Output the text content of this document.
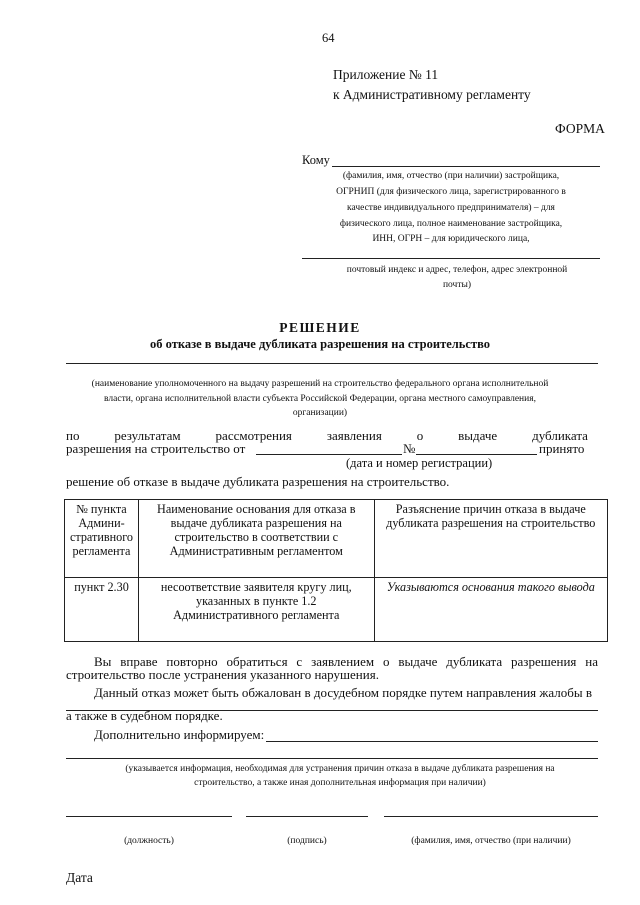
64
Приложение № 11
к Административному регламенту
ФОРМА
Кому
(фамилия, имя, отчество (при наличии) застройщика,
ОГРНИП (для физического лица, зарегистрированного в
качестве индивидуального предпринимателя) – для
физического лица, полное наименование застройщика,
ИНН, ОГРН – для юридического лица,
почтовый индекс и адрес, телефон, адрес электронной
почты)
РЕШЕНИЕ
об отказе в выдаче дубликата разрешения на строительство
(наименование уполномоченного на выдачу разрешений на строительство федерального органа исполнительной
власти, органа исполнительной власти субъекта Российской Федерации, органа местного самоуправления,
организации)
по	результатам	рассмотрения	заявления	о	выдаче	дубликата
разрешения на строительство от	№	принято
(дата и номер регистрации)
решение об отказе в выдаче дубликата разрешения на строительство.
№ пункта Админи-стративного регламента	Наименование основания для отказа в выдаче дубликата разрешения на строительство в соответствии с Административным регламентом	Разъяснение причин отказа в выдаче дубликата разрешения на строительство
пункт 2.30	несоответствие заявителя кругу лиц, указанных в пункте 1.2 Административного регламента	Указываются основания такого вывода
Вы вправе повторно обратиться с заявлением о выдаче дубликата разрешения на
строительство после устранения указанного нарушения.
Данный отказ может быть обжалован в досудебном порядке путем направления жалобы в
а также в судебном порядке.
Дополнительно информируем:
(указывается информация, необходимая для устранения причин отказа в выдаче дубликата разрешения на
строительство, а также иная дополнительная информация при наличии)
(должность)	(подпись)	(фамилия, имя, отчество (при наличии)
Дата
